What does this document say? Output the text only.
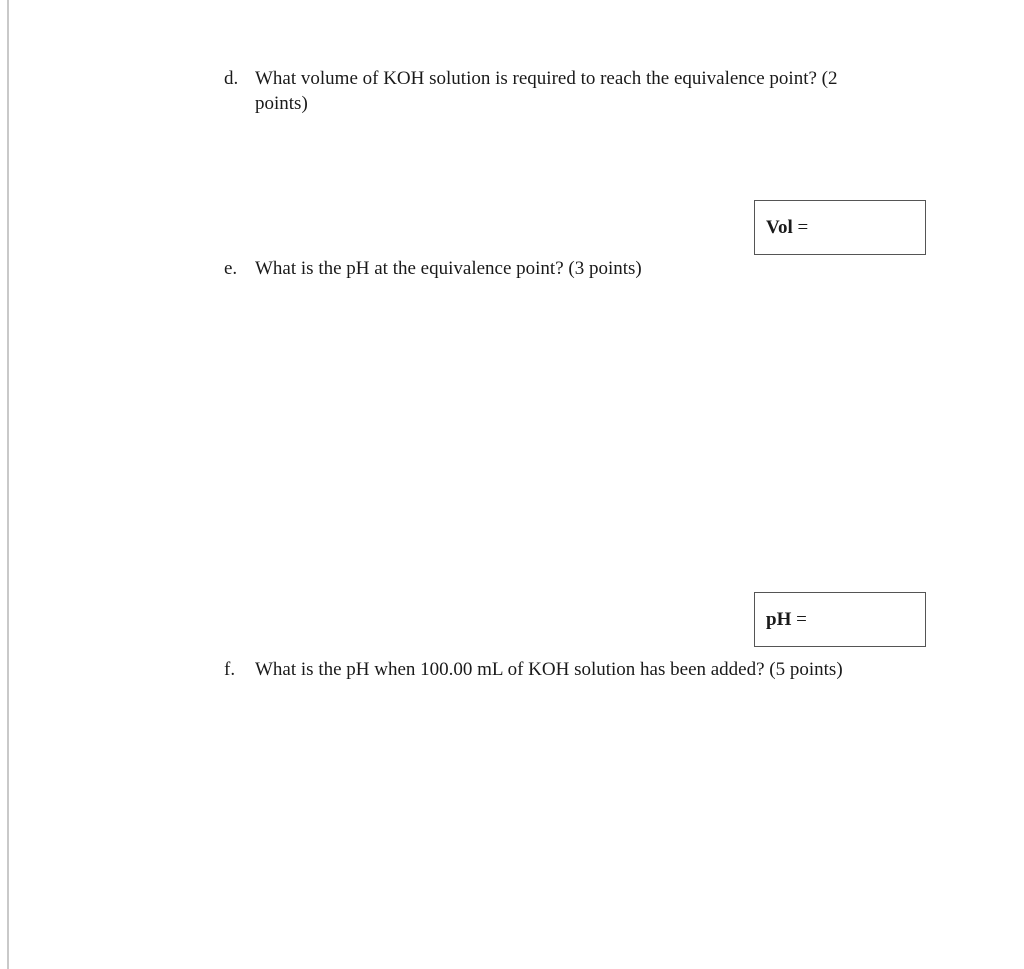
d. What volume of KOH solution is required to reach the equivalence point? (2
points)
Vol =
e. What is the pH at the equivalence point? (3 points)
pH =
f.	What is the pH when 100.00 mL of KOH solution has been added? (5 points)
